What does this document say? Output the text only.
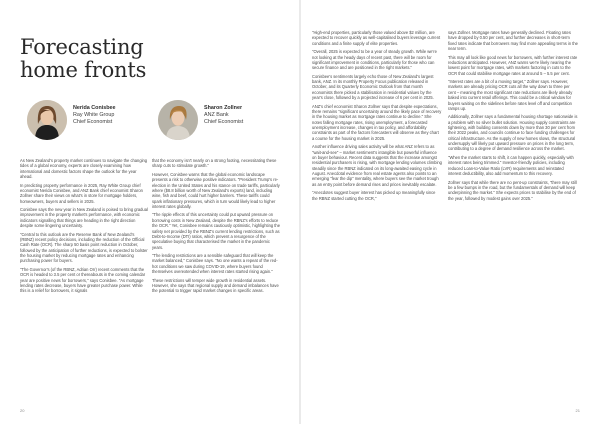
Forecasting home fronts
Nerida Conisbee
Ray White Group
Chief Economist
Sharon Zollner
ANZ Bank
Chief Economist

As New Zealand's property market continues to navigate the changing tides of a global economy, experts are closely examining how international and domestic factors shape the outlook for the year ahead.

In predicting property performance in 2025, Ray White Group chief economist Nerida Conisbee, and ANZ Bank chief economist Sharon Zollner share their views on what's in store for mortgage holders, homeowners, buyers and sellers in 2025.

Conisbee says the new year in New Zealand is poised to bring gradual improvement in the property market's performance, with economic indicators signalling that things are heading in the right direction despite some lingering uncertainty.

"Central to this outlook are the Reserve Bank of New Zealand's (RBNZ) recent policy decisions, including the reduction of the Official Cash Rate (OCR). The sharp 50 basis point reduction in October, followed by the anticipation of further reductions, is expected to bolster the housing market by reducing mortgage rates and enhancing purchasing power for buyers.

"The Governor's (of the RBNZ, Adrian Orr) recent comments that the OCR is headed to 3.5 per cent or thereabouts in the coming calendar year are positive news for borrowers," says Conisbee. "As mortgage lending rates decrease, buyers have greater purchase power. While this is a relief for borrowers, it signals

that the economy isn't nearly on a strong footing, necessitating these sharp cuts to stimulate growth."

However, Conisbee warns that the global economic landscape presents a risk to otherwise positive indicators. "President Trump's re-election in the United States and his stance on trade tariffs, particularly where ($8.8 billion worth of New Zealand's exports) land, including wine, fish and beef, could hurt higher barriers. These tariffs could spark inflationary pressures, which in turn would likely lead to higher interest rates globally.

"The ripple effects of this uncertainty could put upward pressure on borrowing costs in New Zealand, despite the RBNZ's efforts to reduce the OCR." Yet, Conisbee remains cautiously optimistic, highlighting the safety net provided by the RBNZ's current lending restrictions, such as Debt-to-Income (DTI) ratios, which prevent a resurgence of the speculative buying that characterised the market in the pandemic years.

"The lending restrictions are a sensible safeguard that will keep the market balanced," Conisbee says. "No one wants a repeat of the red-hot conditions we saw during COVID-19, where buyers found themselves overextended when interest rates started rising again."

These restrictions will temper wide growth in residential assets. However, she says that regional supply and demand imbalances have the potential to trigger rapid market changes in specific areas.

20

"High-end properties, particularly those valued above $2 million, are expected to recover quickly as well-capitalised buyers leverage current conditions and a finite supply of elite properties.

"Overall, 2025 is expected to be a year of steady growth. While we're not looking at the heady days of recent past, there will be room for significant improvement in conditions, particularly for those who can secure finance and are positioned in the right markets."

Conisbee's sentiments largely echo those of New Zealand's largest bank, ANZ. In its monthly Property Focus publication released in October, and its Quarterly Economic Outlook from that month economists there picked a stabilisation in residential values by the year's close, followed by a projected increase of 6 per cent in 2025.

ANZ's chief economist Sharon Zollner says that despite expectations, there remains "significant uncertainty around the likely pace of recovery in the housing market as mortgage rates continue to decline." She notes falling mortgage rates, rising unemployment, a forecasted unemployment increase, changes in tax policy, and affordability constraints as part of the factors forecasters will observe as they chart a course for the housing market in 2025.

Another influence driving sales activity will be what ANZ refers to as "wait-and-see" – market sentiment's intangible but powerful influence on buyer behaviour. Recent data suggests that the increase amongst residential purchasers is rising, with mortgage lending volumes climbing steadily since the RBNZ indicated on its long-awaited easing cycle in August. Anecdotal evidence from real estate agents also points to an emerging "fear the dip" mentality, where buyers see the market trough as an entry point before demand rises and prices inevitably escalate.

"Anecdotes suggest buyer interest has picked up meaningfully since the RBNZ started cutting the OCR,"

says Zollner. Mortgage rates have generally declined. Floating rates have dropped by 0.50 per cent, and further decreases in short-term fixed rates indicate that borrowers may find more appealing terms in the near term.

This may all look like good news for borrowers, with further interest rate reductions anticipated. However, ANZ warns we're likely nearing the lowest point for mortgage rates, with markets factoring in cuts to the OCR that could stabilise mortgage rates at around 5 – 5.5 per cent.

"Interest rates are a bit of a moving target," Zollner says. However, markets are already pricing OCR cuts all the way down to three per cent – meaning the most significant rate reductions are likely already baked into current retail offerings. This could be a critical window for buyers waiting on the sidelines before rates level off and competition ramps up.

Additionally, Zollner says a fundamental housing shortage nationwide is a problem with no silver bullet solution. Housing supply constraints are tightening, with building consents down by more than 30 per cent from their 2022 peaks, and councils continue to face funding challenges for critical infrastructure. As the supply of new homes slows, the structural undersupply will likely put upward pressure on prices in the long term, contributing to a degree of demand resilience across the market.

"When the market starts to shift, it can happen quickly, especially with interest rates being trimmed." Investor-friendly policies, including reduced Loan-to-Value Ratio (LVR) requirements and reinstated interest deductibility, also add momentum to this recovery.

Zollner says that while there are no pent-up constraints, "there may still be a few bumps in the road, but the fundamentals of demand will keep underpinning the market." She expects prices to stabilise by the end of the year, followed by modest gains over 2025."

21
